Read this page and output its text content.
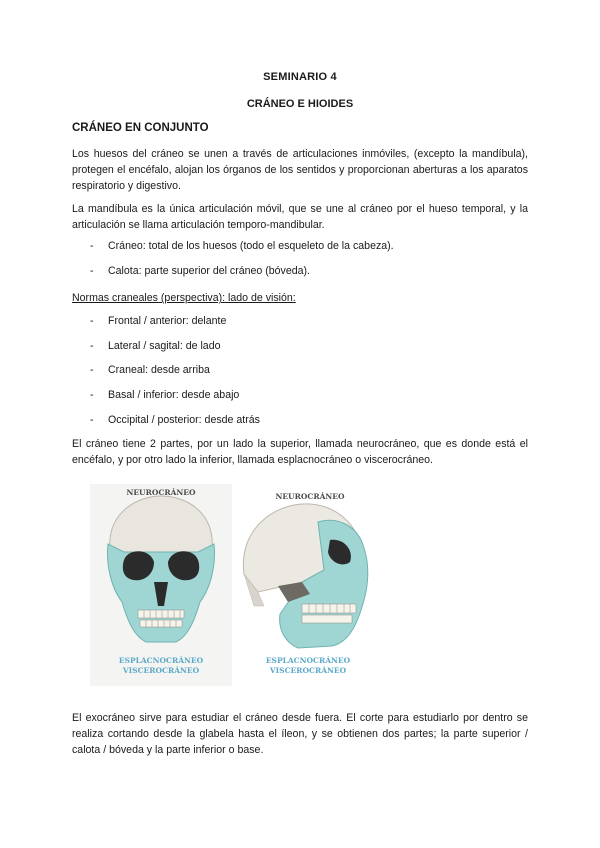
SEMINARIO 4
CRÁNEO E HIOIDES
CRÁNEO EN CONJUNTO
Los huesos del cráneo se unen a través de articulaciones inmóviles, (excepto la mandíbula), protegen el encéfalo, alojan los órganos de los sentidos y proporcionan aberturas a los aparatos respiratorio y digestivo.
La mandíbula es la única articulación móvil, que se une al cráneo por el hueso temporal, y la articulación se llama articulación temporo-mandibular.
- Cráneo: total de los huesos (todo el esqueleto de la cabeza).
- Calota: parte superior del cráneo (bóveda).
Normas craneales (perspectiva): lado de visión:
- Frontal / anterior: delante
- Lateral / sagital: de lado
- Craneal: desde arriba
- Basal / inferior: desde abajo
- Occipital / posterior: desde atrás
El cráneo tiene 2 partes, por un lado la superior, llamada neurocráneo, que es donde está el encéfalo, y por otro lado la inferior, llamada esplacnocráneo o viscerocráneo.
NEUROCRÁNEO
ESPLACNOCRÁNEO
VISCEROCRÁNEO
NEUROCRÁNEO
ESPLACNOCRÁNEO
VISCEROCRÁNEO
El exocráneo sirve para estudiar el cráneo desde fuera. El corte para estudiarlo por dentro se realiza cortando desde la glabela hasta el íleon, y se obtienen dos partes; la parte superior / calota / bóveda y la parte inferior o base.
